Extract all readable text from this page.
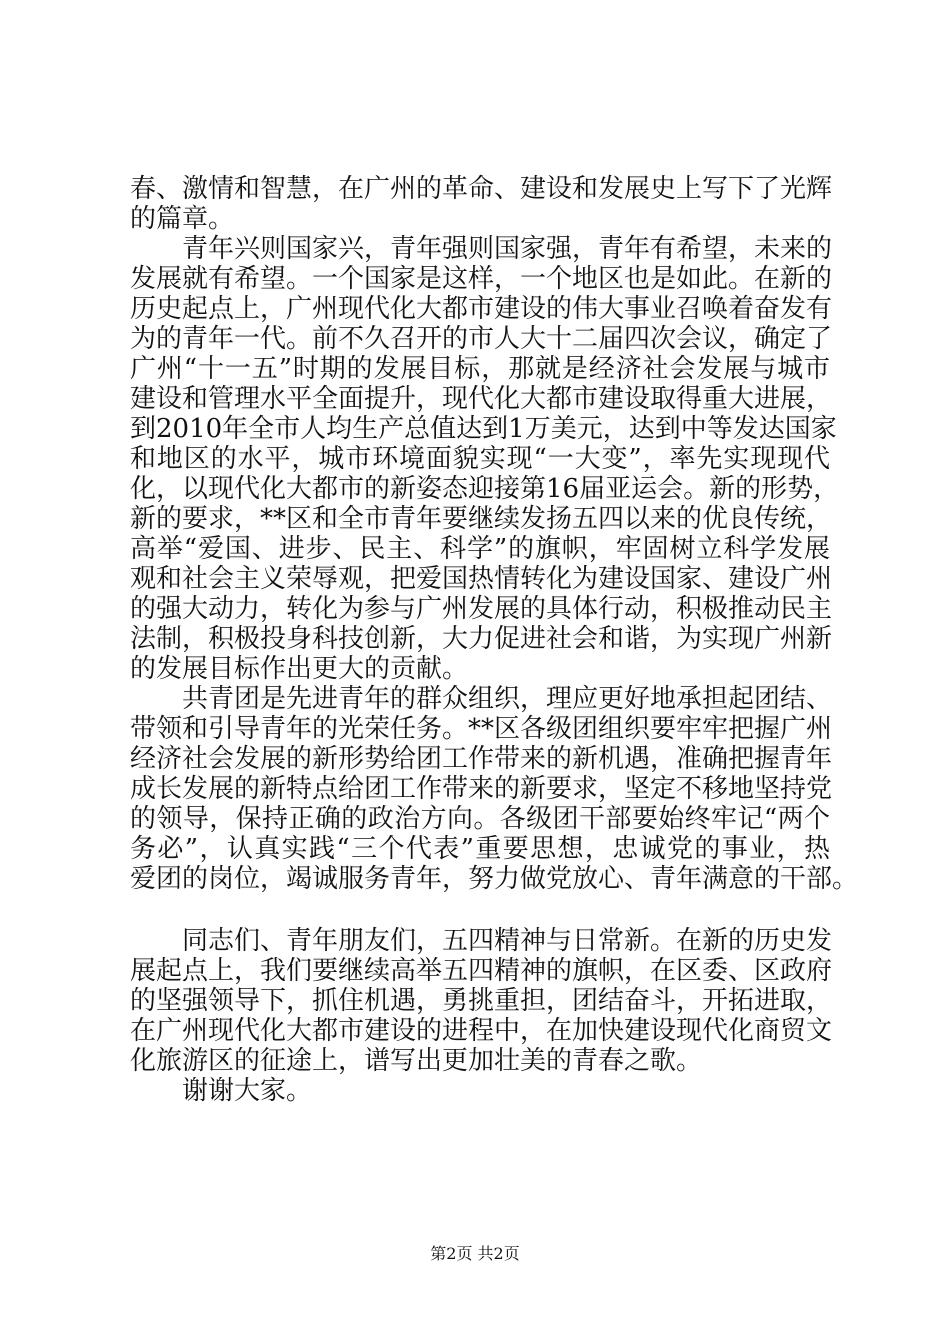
春、激情和智慧，在广州的革命、建设和发展史上写下了光辉
的篇章。
青年兴则国家兴，青年强则国家强，青年有希望，未来的
发展就有希望。一个国家是这样，一个地区也是如此。在新的
历史起点上，广州现代化大都市建设的伟大事业召唤着奋发有
为的青年一代。前不久召开的市人大十二届四次会议，确定了
广州“十一五”时期的发展目标，那就是经济社会发展与城市
建设和管理水平全面提升，现代化大都市建设取得重大进展，
到2010年全市人均生产总值达到1万美元，达到中等发达国家
和地区的水平，城市环境面貌实现“一大变”，率先实现现代
化，以现代化大都市的新姿态迎接第16届亚运会。新的形势，
新的要求，**区和全市青年要继续发扬五四以来的优良传统，
高举“爱国、进步、民主、科学”的旗帜，牢固树立科学发展
观和社会主义荣辱观，把爱国热情转化为建设国家、建设广州
的强大动力，转化为参与广州发展的具体行动，积极推动民主
法制，积极投身科技创新，大力促进社会和谐，为实现广州新
的发展目标作出更大的贡献。
共青团是先进青年的群众组织，理应更好地承担起团结、
带领和引导青年的光荣任务。**区各级团组织要牢牢把握广州
经济社会发展的新形势给团工作带来的新机遇，准确把握青年
成长发展的新特点给团工作带来的新要求，坚定不移地坚持党
的领导，保持正确的政治方向。各级团干部要始终牢记“两个
务必”，认真实践“三个代表”重要思想，忠诚党的事业，热
爱团的岗位，竭诚服务青年，努力做党放心、青年满意的干部。
同志们、青年朋友们，五四精神与日常新。在新的历史发
展起点上，我们要继续高举五四精神的旗帜，在区委、区政府
的坚强领导下，抓住机遇，勇挑重担，团结奋斗，开拓进取，
在广州现代化大都市建设的进程中，在加快建设现代化商贸文
化旅游区的征途上，谱写出更加壮美的青春之歌。
谢谢大家。
第2页 共2页
